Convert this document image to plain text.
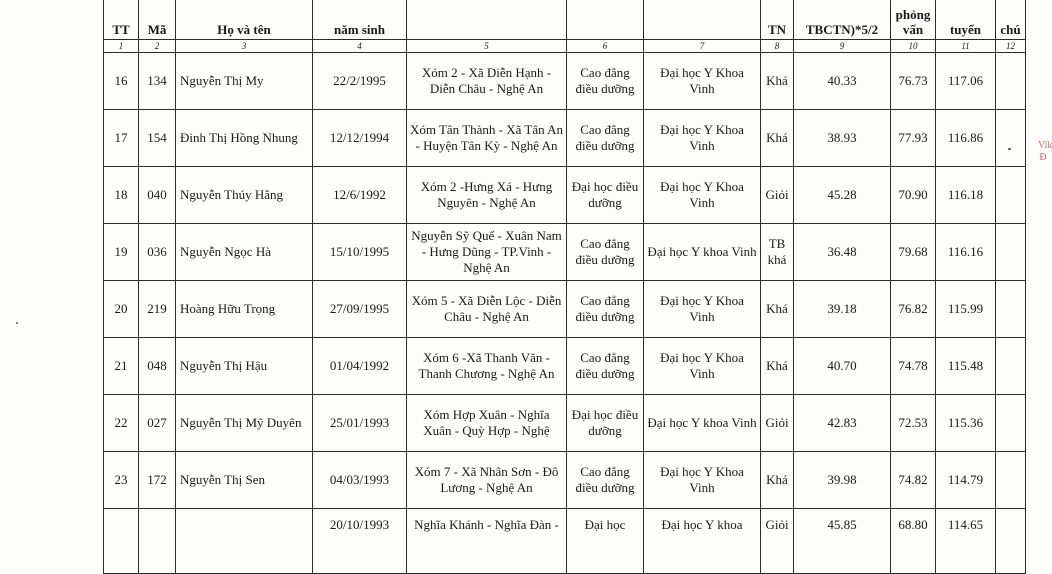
TT	Mã	Họ và tên	năm sinh				TN	TBCTN)*5/2	phỏng vấn	tuyển	chú
1	2	3	4	5	6	7	8	9	10	11	12
16	134	Nguyễn Thị My	22/2/1995	Xóm 2 - Xã Diễn Hạnh - Diễn Châu - Nghệ An	Cao đẳng điều dưỡng	Đại học Y Khoa Vinh	Khá	40.33	76.73	117.06	
17	154	Đinh Thị Hồng Nhung	12/12/1994	Xóm Tân Thành - Xã Tân An - Huyện Tân Kỳ - Nghệ An	Cao đẳng điều dưỡng	Đại học Y Khoa Vinh	Khá	38.93	77.93	116.86	
18	040	Nguyễn Thúy Hằng	12/6/1992	Xóm 2 -Hưng Xá - Hưng Nguyên - Nghệ An	Đại học điều dưỡng	Đại học Y Khoa Vinh	Giỏi	45.28	70.90	116.18	
19	036	Nguyễn Ngọc Hà	15/10/1995	Nguyễn Sỹ Quế - Xuân Nam - Hưng Dũng - TP.Vinh - Nghệ An	Cao đẳng điều dưỡng	Đại học Y khoa Vinh	TB khá	36.48	79.68	116.16	
20	219	Hoàng Hữu Trọng	27/09/1995	Xóm 5 - Xã Diễn Lộc - Diễn Châu - Nghệ An	Cao đẳng điều dưỡng	Đại học Y Khoa Vinh	Khá	39.18	76.82	115.99	
21	048	Nguyễn Thị Hậu	01/04/1992	Xóm 6 -Xã Thanh Văn - Thanh Chương - Nghệ An	Cao đẳng điều dưỡng	Đại học Y Khoa Vinh	Khá	40.70	74.78	115.48	
22	027	Nguyễn Thị Mỹ Duyên	25/01/1993	Xóm Hợp Xuân - Nghĩa Xuân - Quỳ Hợp - Nghệ	Đại học điều dưỡng	Đại học Y khoa Vinh	Giỏi	42.83	72.53	115.36	
23	172	Nguyễn Thị Sen	04/03/1993	Xóm 7 - Xã Nhân Sơn - Đô Lương - Nghệ An	Cao đẳng điều dưỡng	Đại học Y Khoa Vinh	Khá	39.98	74.82	114.79	
			20/10/1993	Nghĩa Khánh - Nghĩa Đàn -	Đại học	Đại học Y khoa	Giỏi	45.85	68.80	114.65	
Vik Đ
